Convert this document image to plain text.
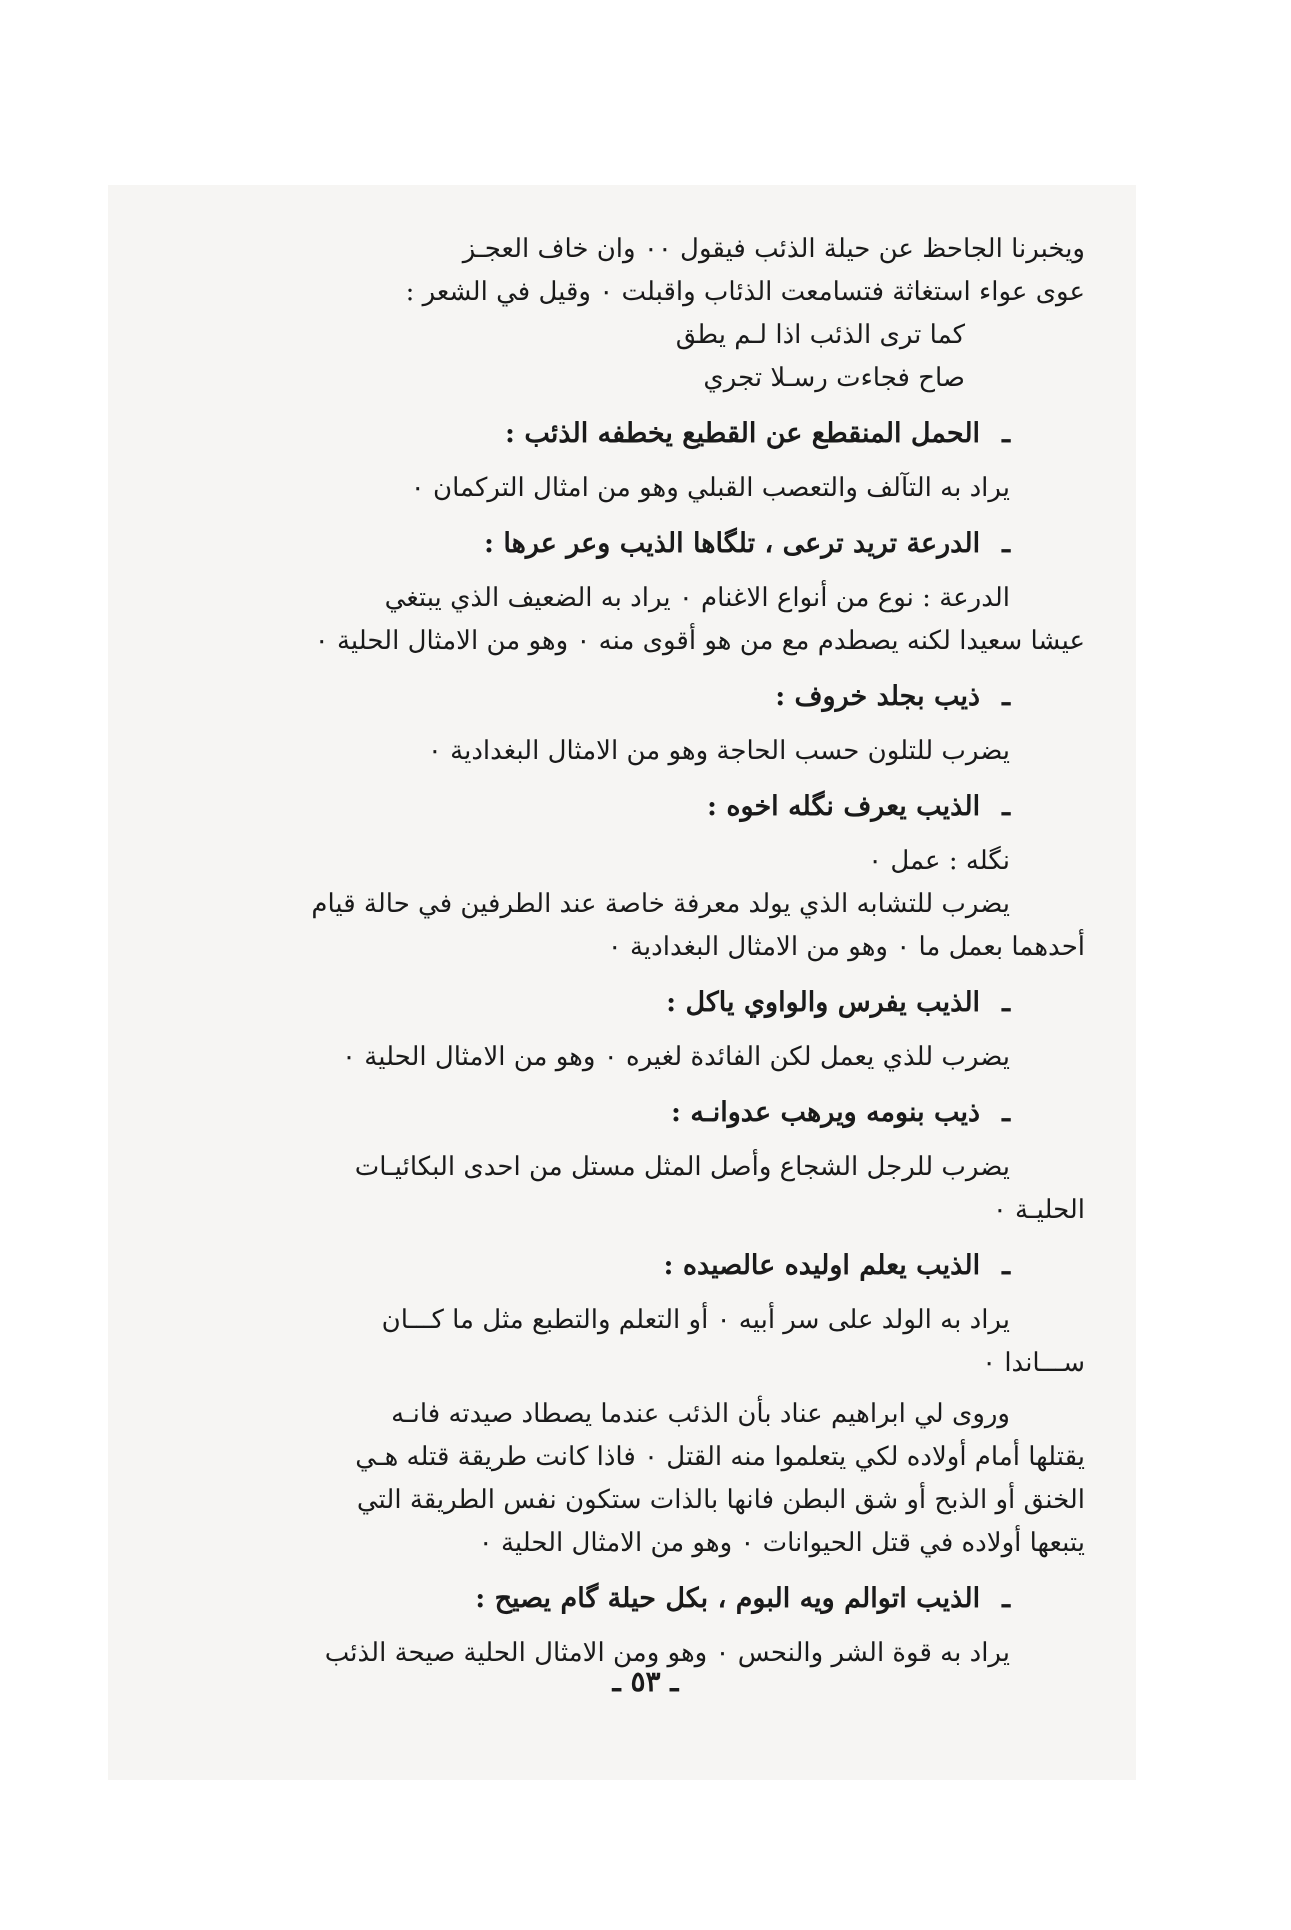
ويخبرنا الجاحظ عن حيلة الذئب فيقول ٠٠ وان خاف العجـز

عوى عواء استغاثة فتسامعت الذئاب واقبلت ٠ وقيل في الشعر :

كما ترى الذئب اذا لـم يطق

صاح فجاءت رسـلا تجري

ـالحمل المنقطع عن القطيع يخطفه الذئب :

يراد به التآلف والتعصب القبلي وهو من امثال التركمان ٠

ـالدرعة تريد ترعى ، تلگاها الذيب وعر عرها :

الدرعة : نوع من أنواع الاغنام ٠ يراد به الضعيف الذي يبتغي

عيشا سعيدا لكنه يصطدم مع من هو أقوى منه ٠ وهو من الامثال الحلية ٠

ـذيب بجلد خروف :

يضرب للتلون حسب الحاجة وهو من الامثال البغدادية ٠

ـالذيب يعرف نگله اخوه :

نگله : عمل ٠

يضرب للتشابه الذي يولد معرفة خاصة عند الطرفين في حالة قيام

أحدهما بعمل ما ٠ وهو من الامثال البغدادية ٠

ـالذيب يفرس والواوي ياكل :

يضرب للذي يعمل لكن الفائدة لغيره ٠ وهو من الامثال الحلية ٠

ـذيب بنومه ويرهب عدوانـه :

يضرب للرجل الشجاع وأصل المثل مستل من احدى البكائيـات

الحليـة ٠

ـالذيب يعلم اوليده عالصيده :

يراد به الولد على سر أبيه ٠ أو التعلم والتطبع مثل ما كـــان

ســـاندا ٠

وروى لي ابراهيم عناد بأن الذئب عندما يصطاد صيدته فانـه

يقتلها أمام أولاده لكي يتعلموا منه القتل ٠ فاذا كانت طريقة قتله هـي

الخنق أو الذبح أو شق البطن فانها بالذات ستكون نفس الطريقة التي

يتبعها أولاده في قتل الحيوانات ٠ وهو من الامثال الحلية ٠

ـالذيب اتوالم ويه البوم ، بكل حيلة گام يصيح :

يراد به قوة الشر والنحس ٠ وهو ومن الامثال الحلية صيحة الذئب

ـ ٥٣ ـ
